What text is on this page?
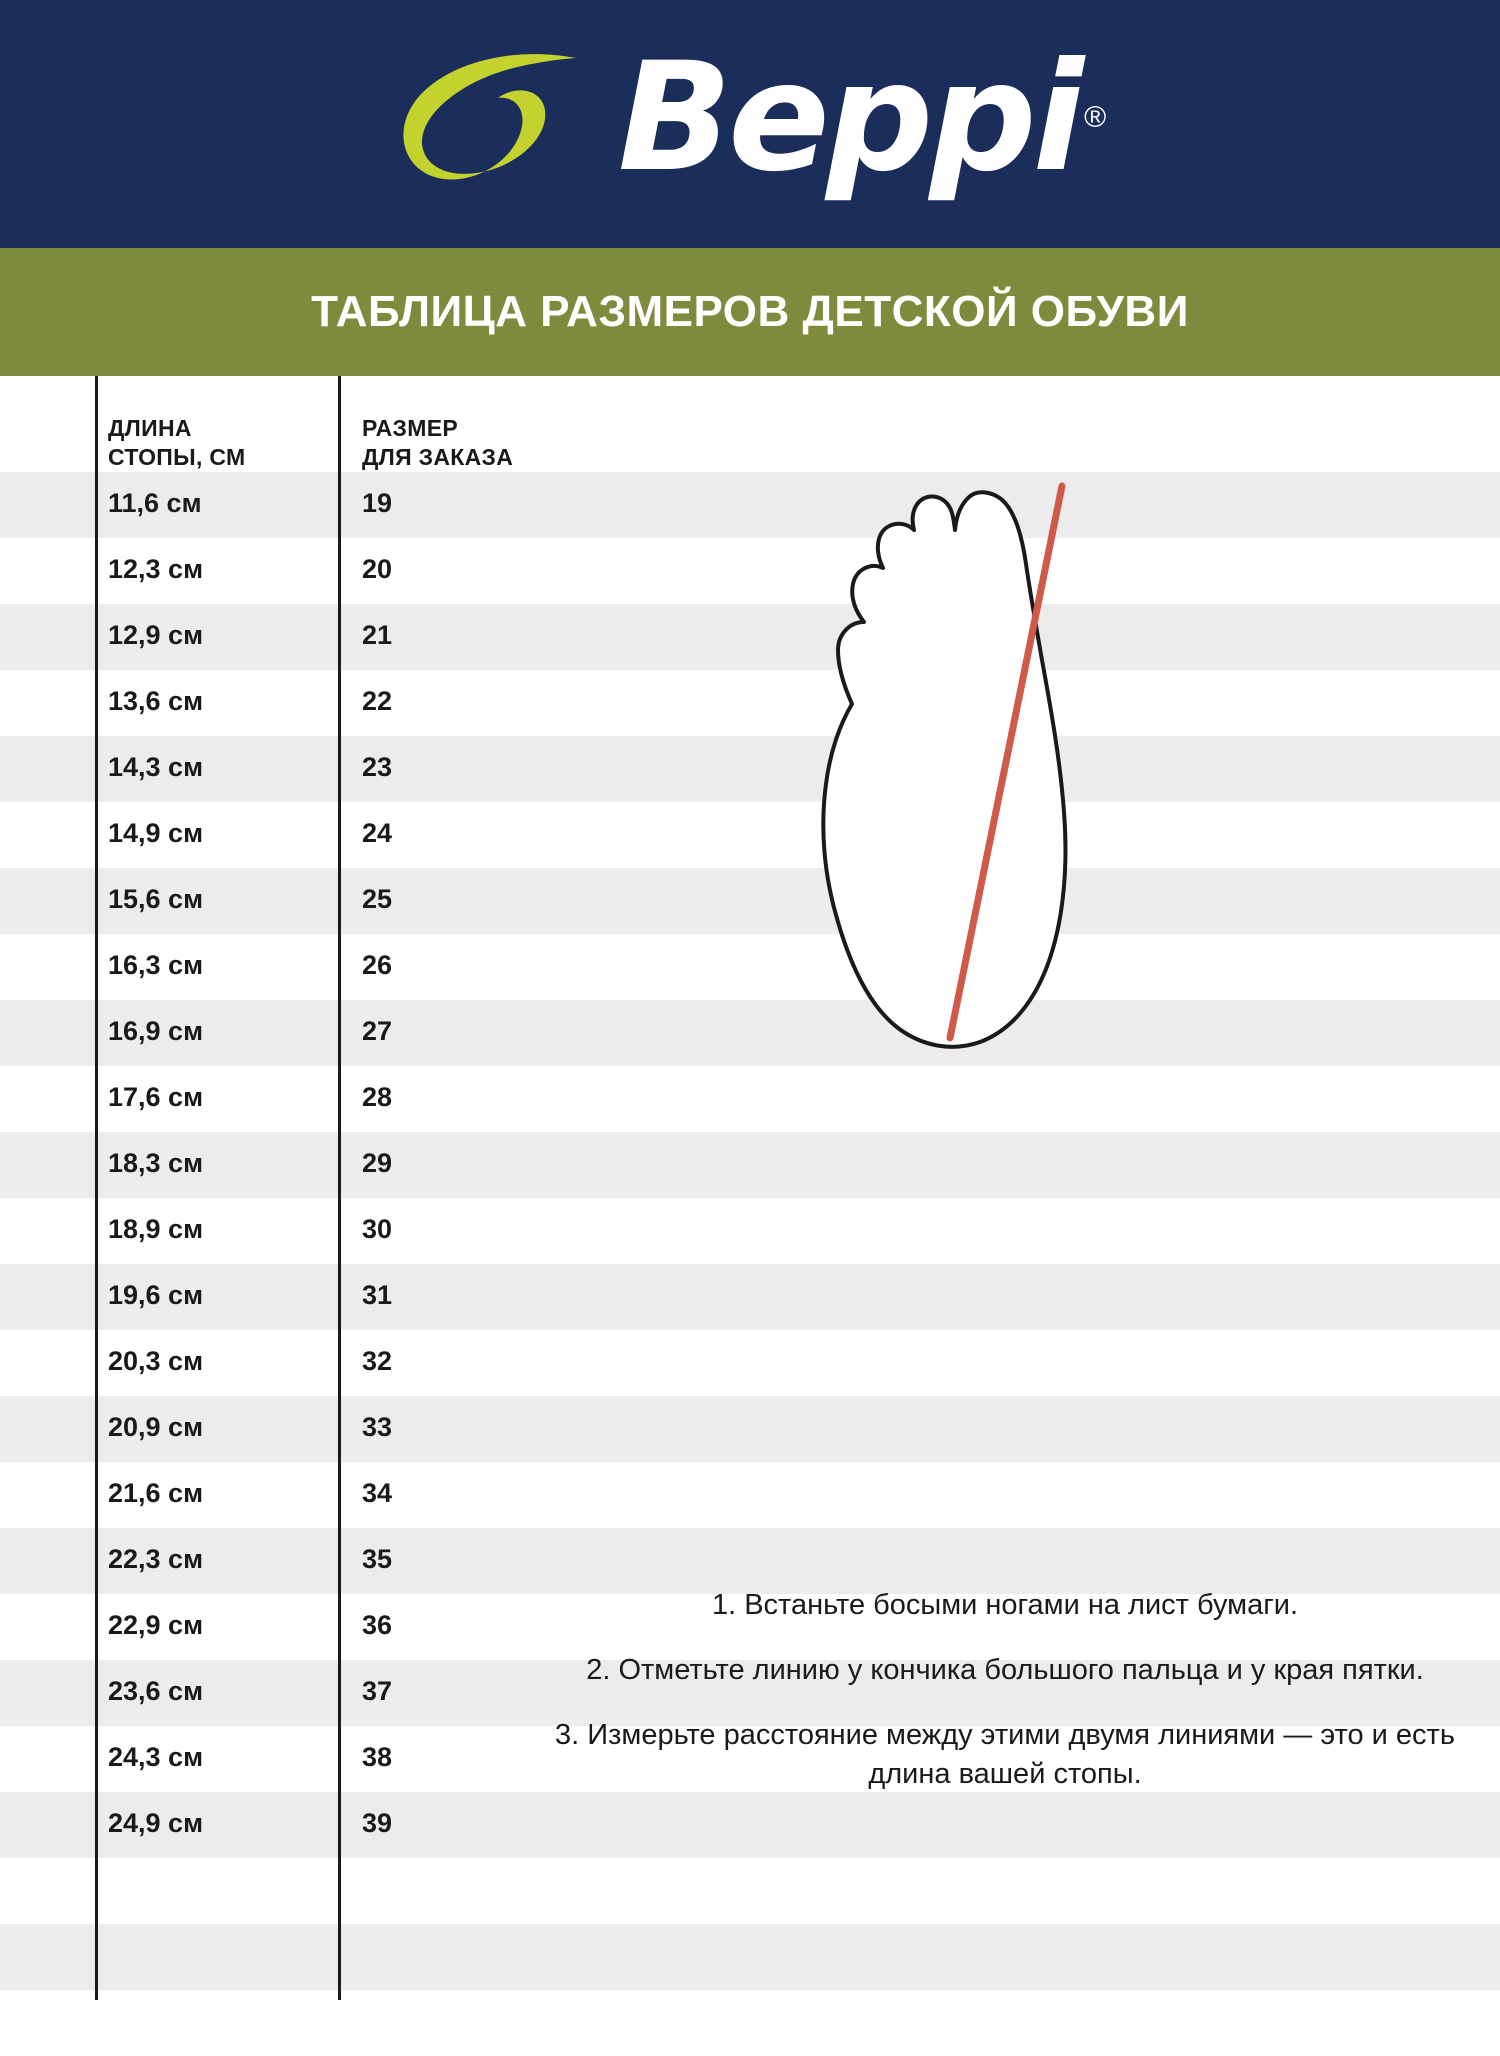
Beppi ®
ТАБЛИЦА РАЗМЕРОВ ДЕТСКОЙ ОБУВИ
ДЛИНА
СТОПЫ, СМ
РАЗМЕР
ДЛЯ ЗАКАЗА
11,6 см	19
12,3 см	20
12,9 см	21
13,6 см	22
14,3 см	23
14,9 см	24
15,6 см	25
16,3 см	26
16,9 см	27
17,6 см	28
18,3 см	29
18,9 см	30
19,6 см	31
20,3 см	32
20,9 см	33
21,6 см	34
22,3 см	35
22,9 см	36
23,6 см	37
24,3 см	38
24,9 см	39
1. Встаньте босыми ногами на лист бумаги.
2. Отметьте линию у кончика большого пальца и у края пятки.
3. Измерьте расстояние между этими двумя линиями — это и есть длина вашей стопы.
